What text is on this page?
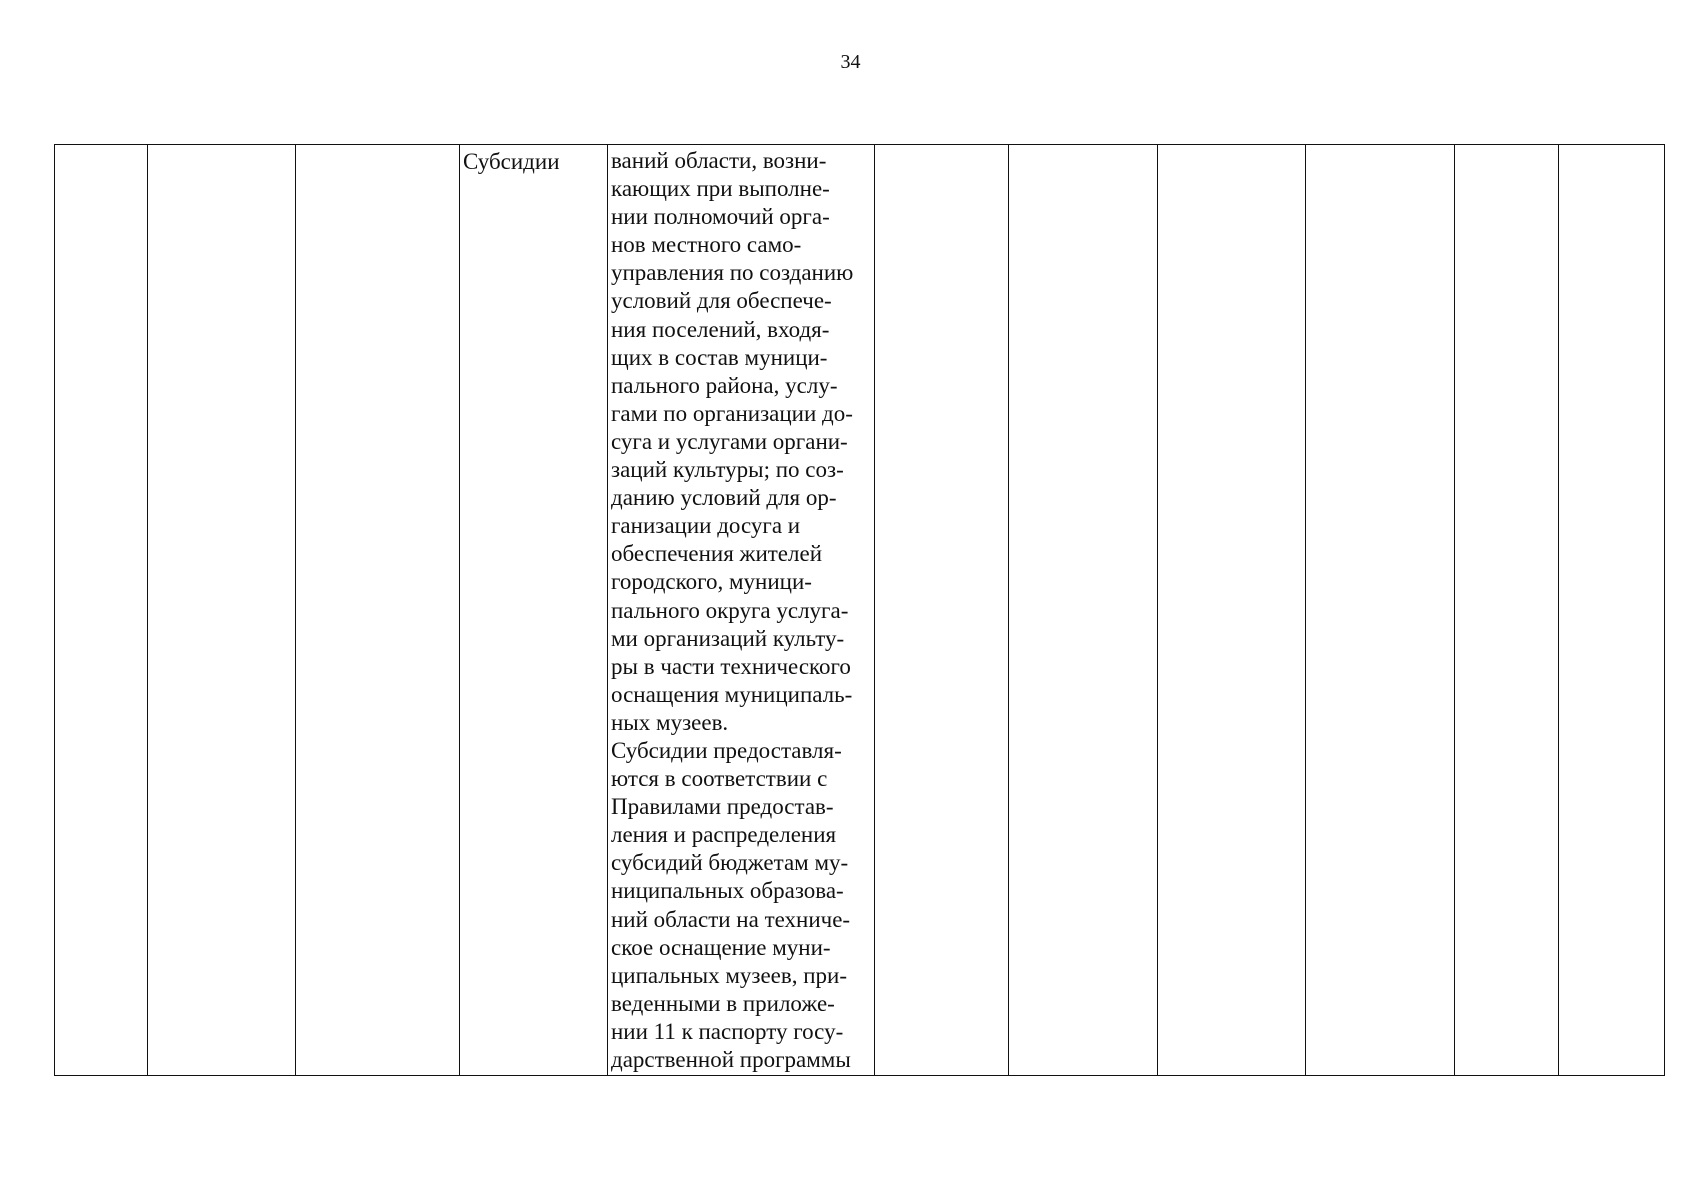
34
			Субсидии	ваний области, возни-
кающих при выполне-
нии полномочий орга-
нов местного само-
управления по созданию
условий для обеспече-
ния поселений, входя-
щих в состав муници-
пального района, услу-
гами по организации до-
суга и услугами органи-
заций культуры; по соз-
данию условий для ор-
ганизации досуга и
обеспечения жителей
городского, муници-
пального округа услуга-
ми организаций культу-
ры в части технического
оснащения муниципаль-
ных музеев.
Субсидии предоставля-
ются в соответствии с
Правилами предостав-
ления и распределения
субсидий бюджетам му-
ниципальных образова-
ний области на техниче-
ское оснащение муни-
ципальных музеев, при-
веденными в приложе-
нии 11 к паспорту госу-
дарственной программы						
